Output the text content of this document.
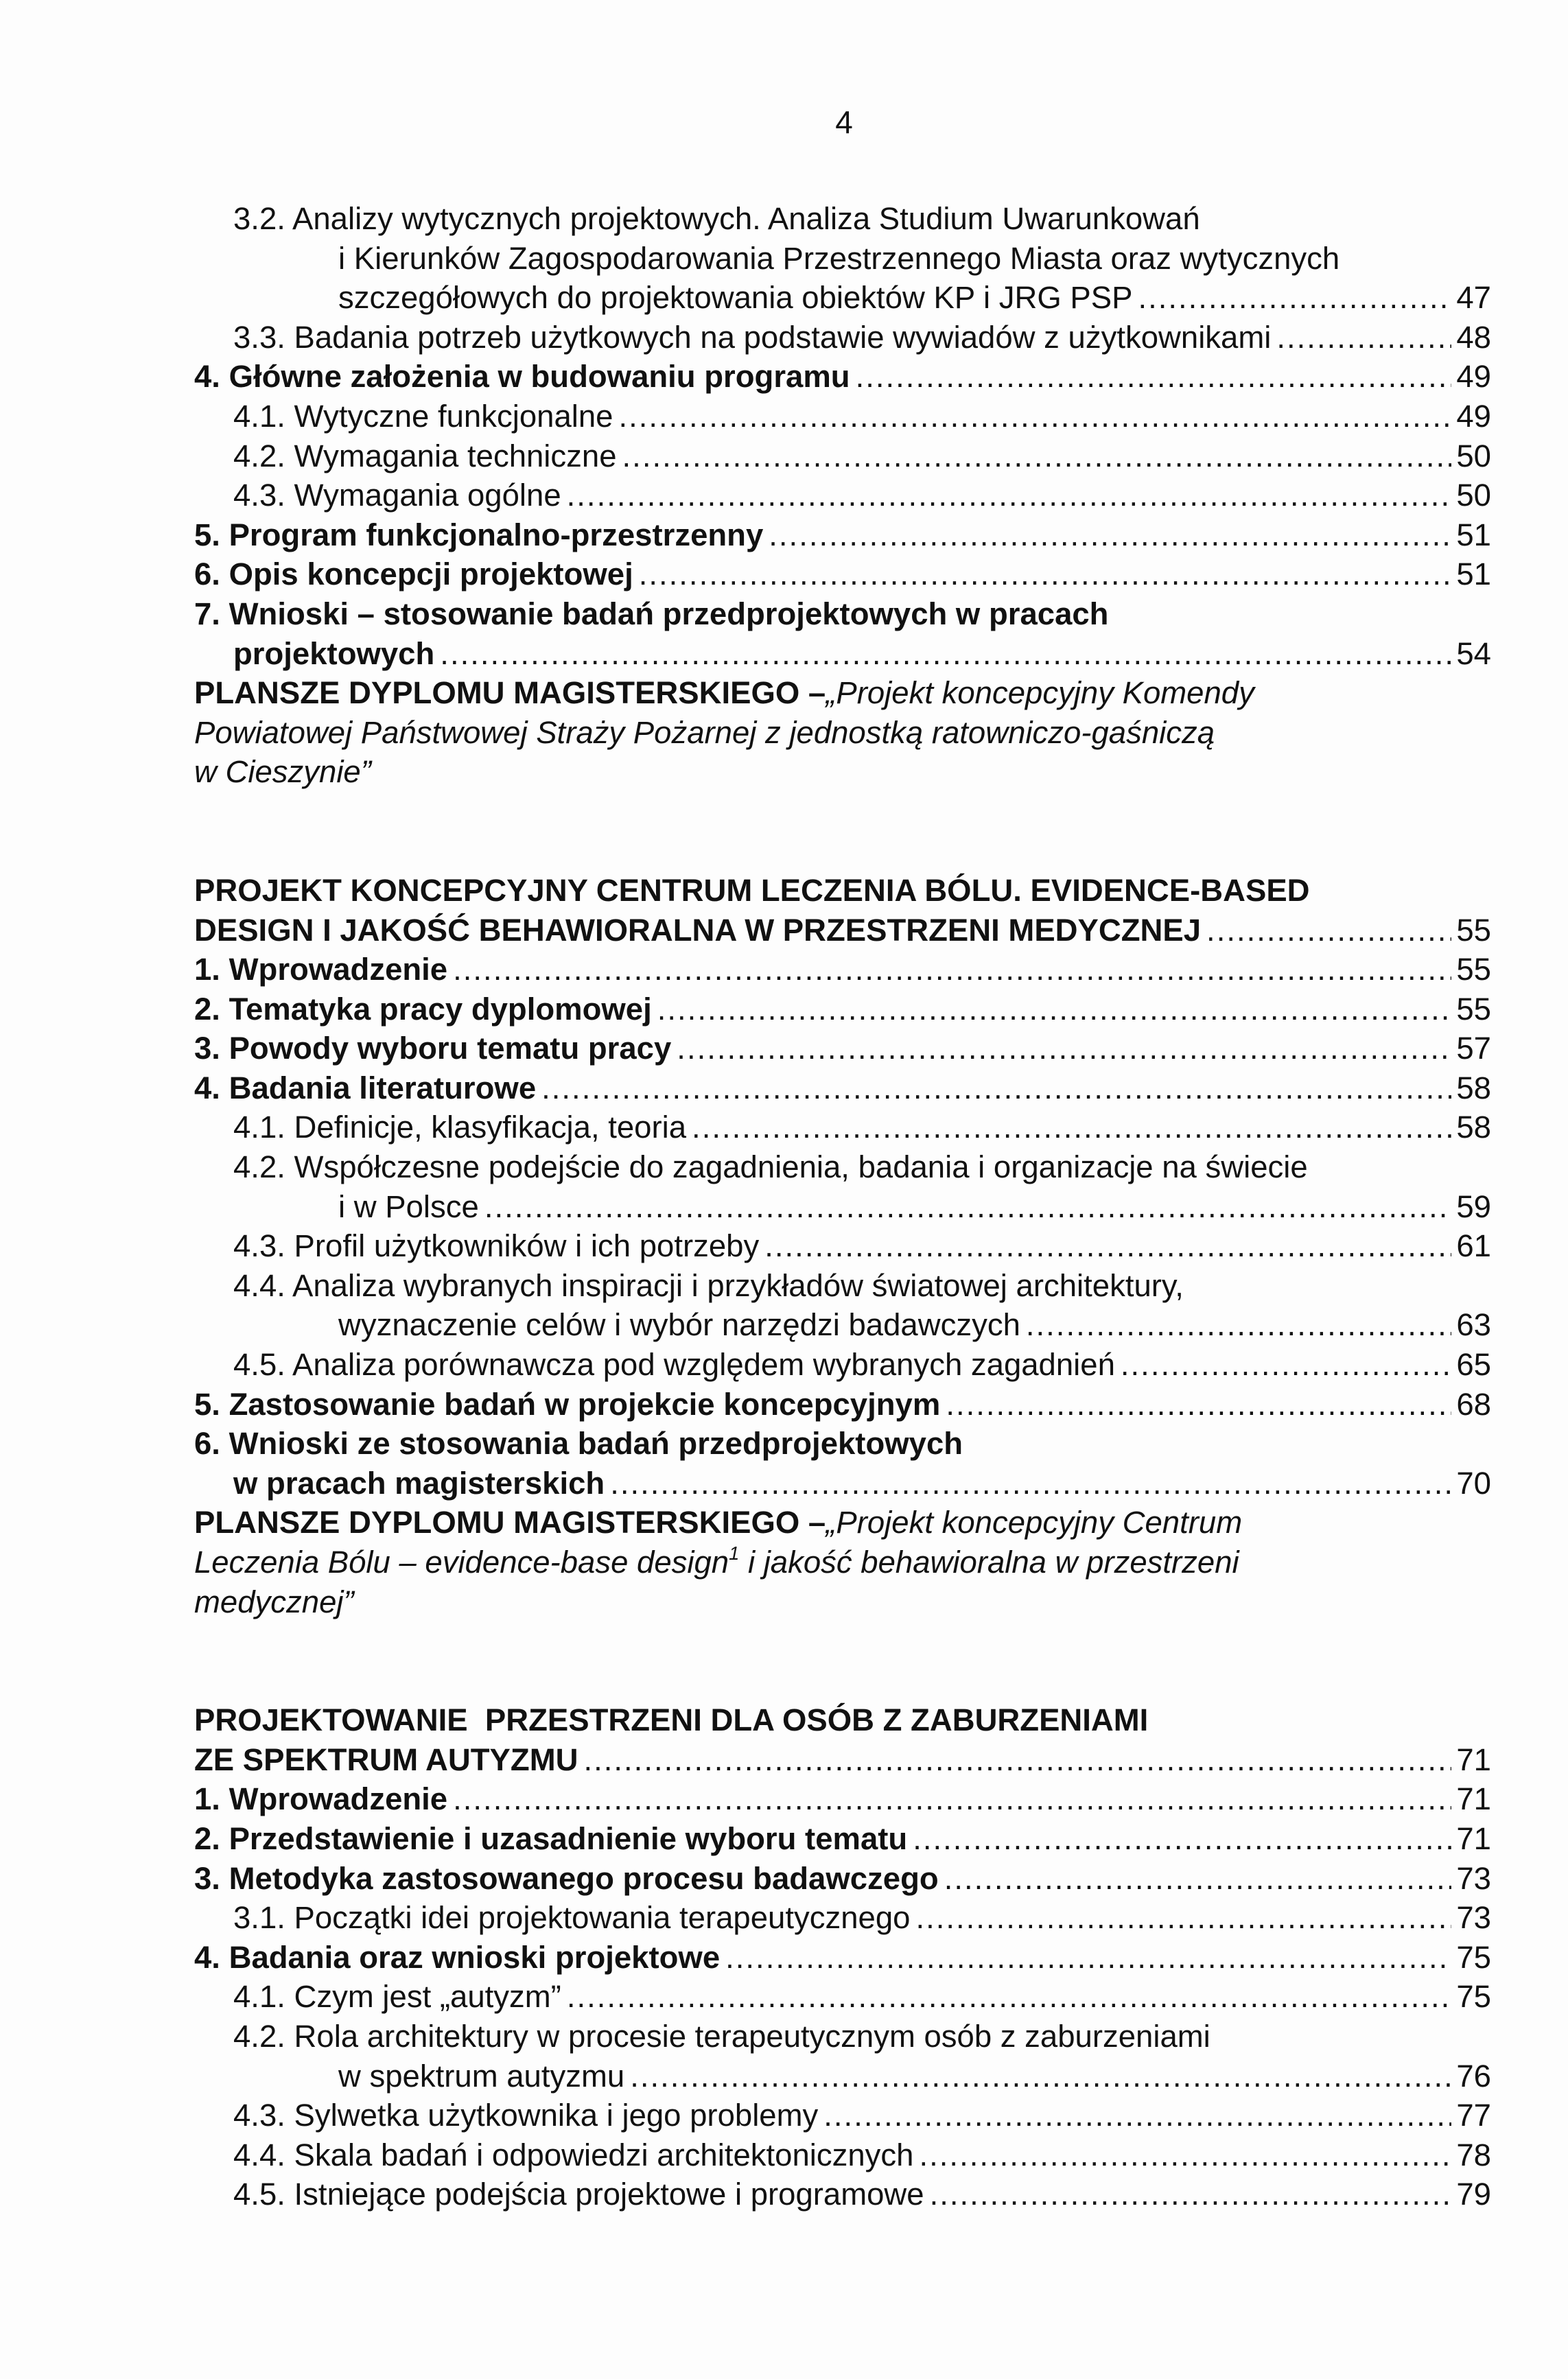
4
3.2. Analizy wytycznych projektowych. Analiza Studium Uwarunkowań
i Kierunków Zagospodarowania Przestrzennego Miasta oraz wytycznych
szczegółowych do projektowania obiektów KP i JRG PSP .....	47
3.3. Badania potrzeb użytkowych na podstawie wywiadów z użytkownikami .....	48
4. Główne założenia w budowaniu programu .....	49
4.1. Wytyczne funkcjonalne .....	49
4.2. Wymagania techniczne .....	50
4.3. Wymagania ogólne .....	50
5. Program funkcjonalno-przestrzenny .....	51
6. Opis koncepcji projektowej .....	51
7. Wnioski – stosowanie badań przedprojektowych w pracach
projektowych .....	54
PLANSZE DYPLOMU MAGISTERSKIEGO – „Projekt koncepcyjny Komendy
Powiatowej Państwowej Straży Pożarnej z jednostką ratowniczo-gaśniczą
w Cieszynie”
PROJEKT KONCEPCYJNY CENTRUM LECZENIA BÓLU. EVIDENCE-BASED
DESIGN I JAKOŚĆ BEHAWIORALNA W PRZESTRZENI MEDYCZNEJ .....	55
1. Wprowadzenie .....	55
2. Tematyka pracy dyplomowej .....	55
3. Powody wyboru tematu pracy .....	57
4. Badania literaturowe .....	58
4.1. Definicje, klasyfikacja, teoria .....	58
4.2. Współczesne podejście do zagadnienia, badania i organizacje na świecie
i w Polsce .....	59
4.3. Profil użytkowników i ich potrzeby .....	61
4.4. Analiza wybranych inspiracji i przykładów światowej architektury,
wyznaczenie celów i wybór narzędzi badawczych .....	63
4.5. Analiza porównawcza pod względem wybranych zagadnień .....	65
5. Zastosowanie badań w projekcie koncepcyjnym .....	68
6. Wnioski ze stosowania badań przedprojektowych
w pracach magisterskich .....	70
PLANSZE DYPLOMU MAGISTERSKIEGO – „Projekt koncepcyjny Centrum
Leczenia Bólu – evidence-base design$^1$ i jakość behawioralna w przestrzeni
medycznej”
PROJEKTOWANIE  PRZESTRZENI DLA OSÓB Z ZABURZENIAMI
ZE SPEKTRUM AUTYZMU .....	71
1. Wprowadzenie .....	71
2. Przedstawienie i uzasadnienie wyboru tematu .....	71
3. Metodyka zastosowanego procesu badawczego .....	73
3.1. Początki idei projektowania terapeutycznego .....	73
4. Badania oraz wnioski projektowe .....	75
4.1. Czym jest „autyzm” .....	75
4.2. Rola architektury w procesie terapeutycznym osób z zaburzeniami
w spektrum autyzmu .....	76
4.3. Sylwetka użytkownika i jego problemy .....	77
4.4. Skala badań i odpowiedzi architektonicznych .....	78
4.5. Istniejące podejścia projektowe i programowe .....	79
